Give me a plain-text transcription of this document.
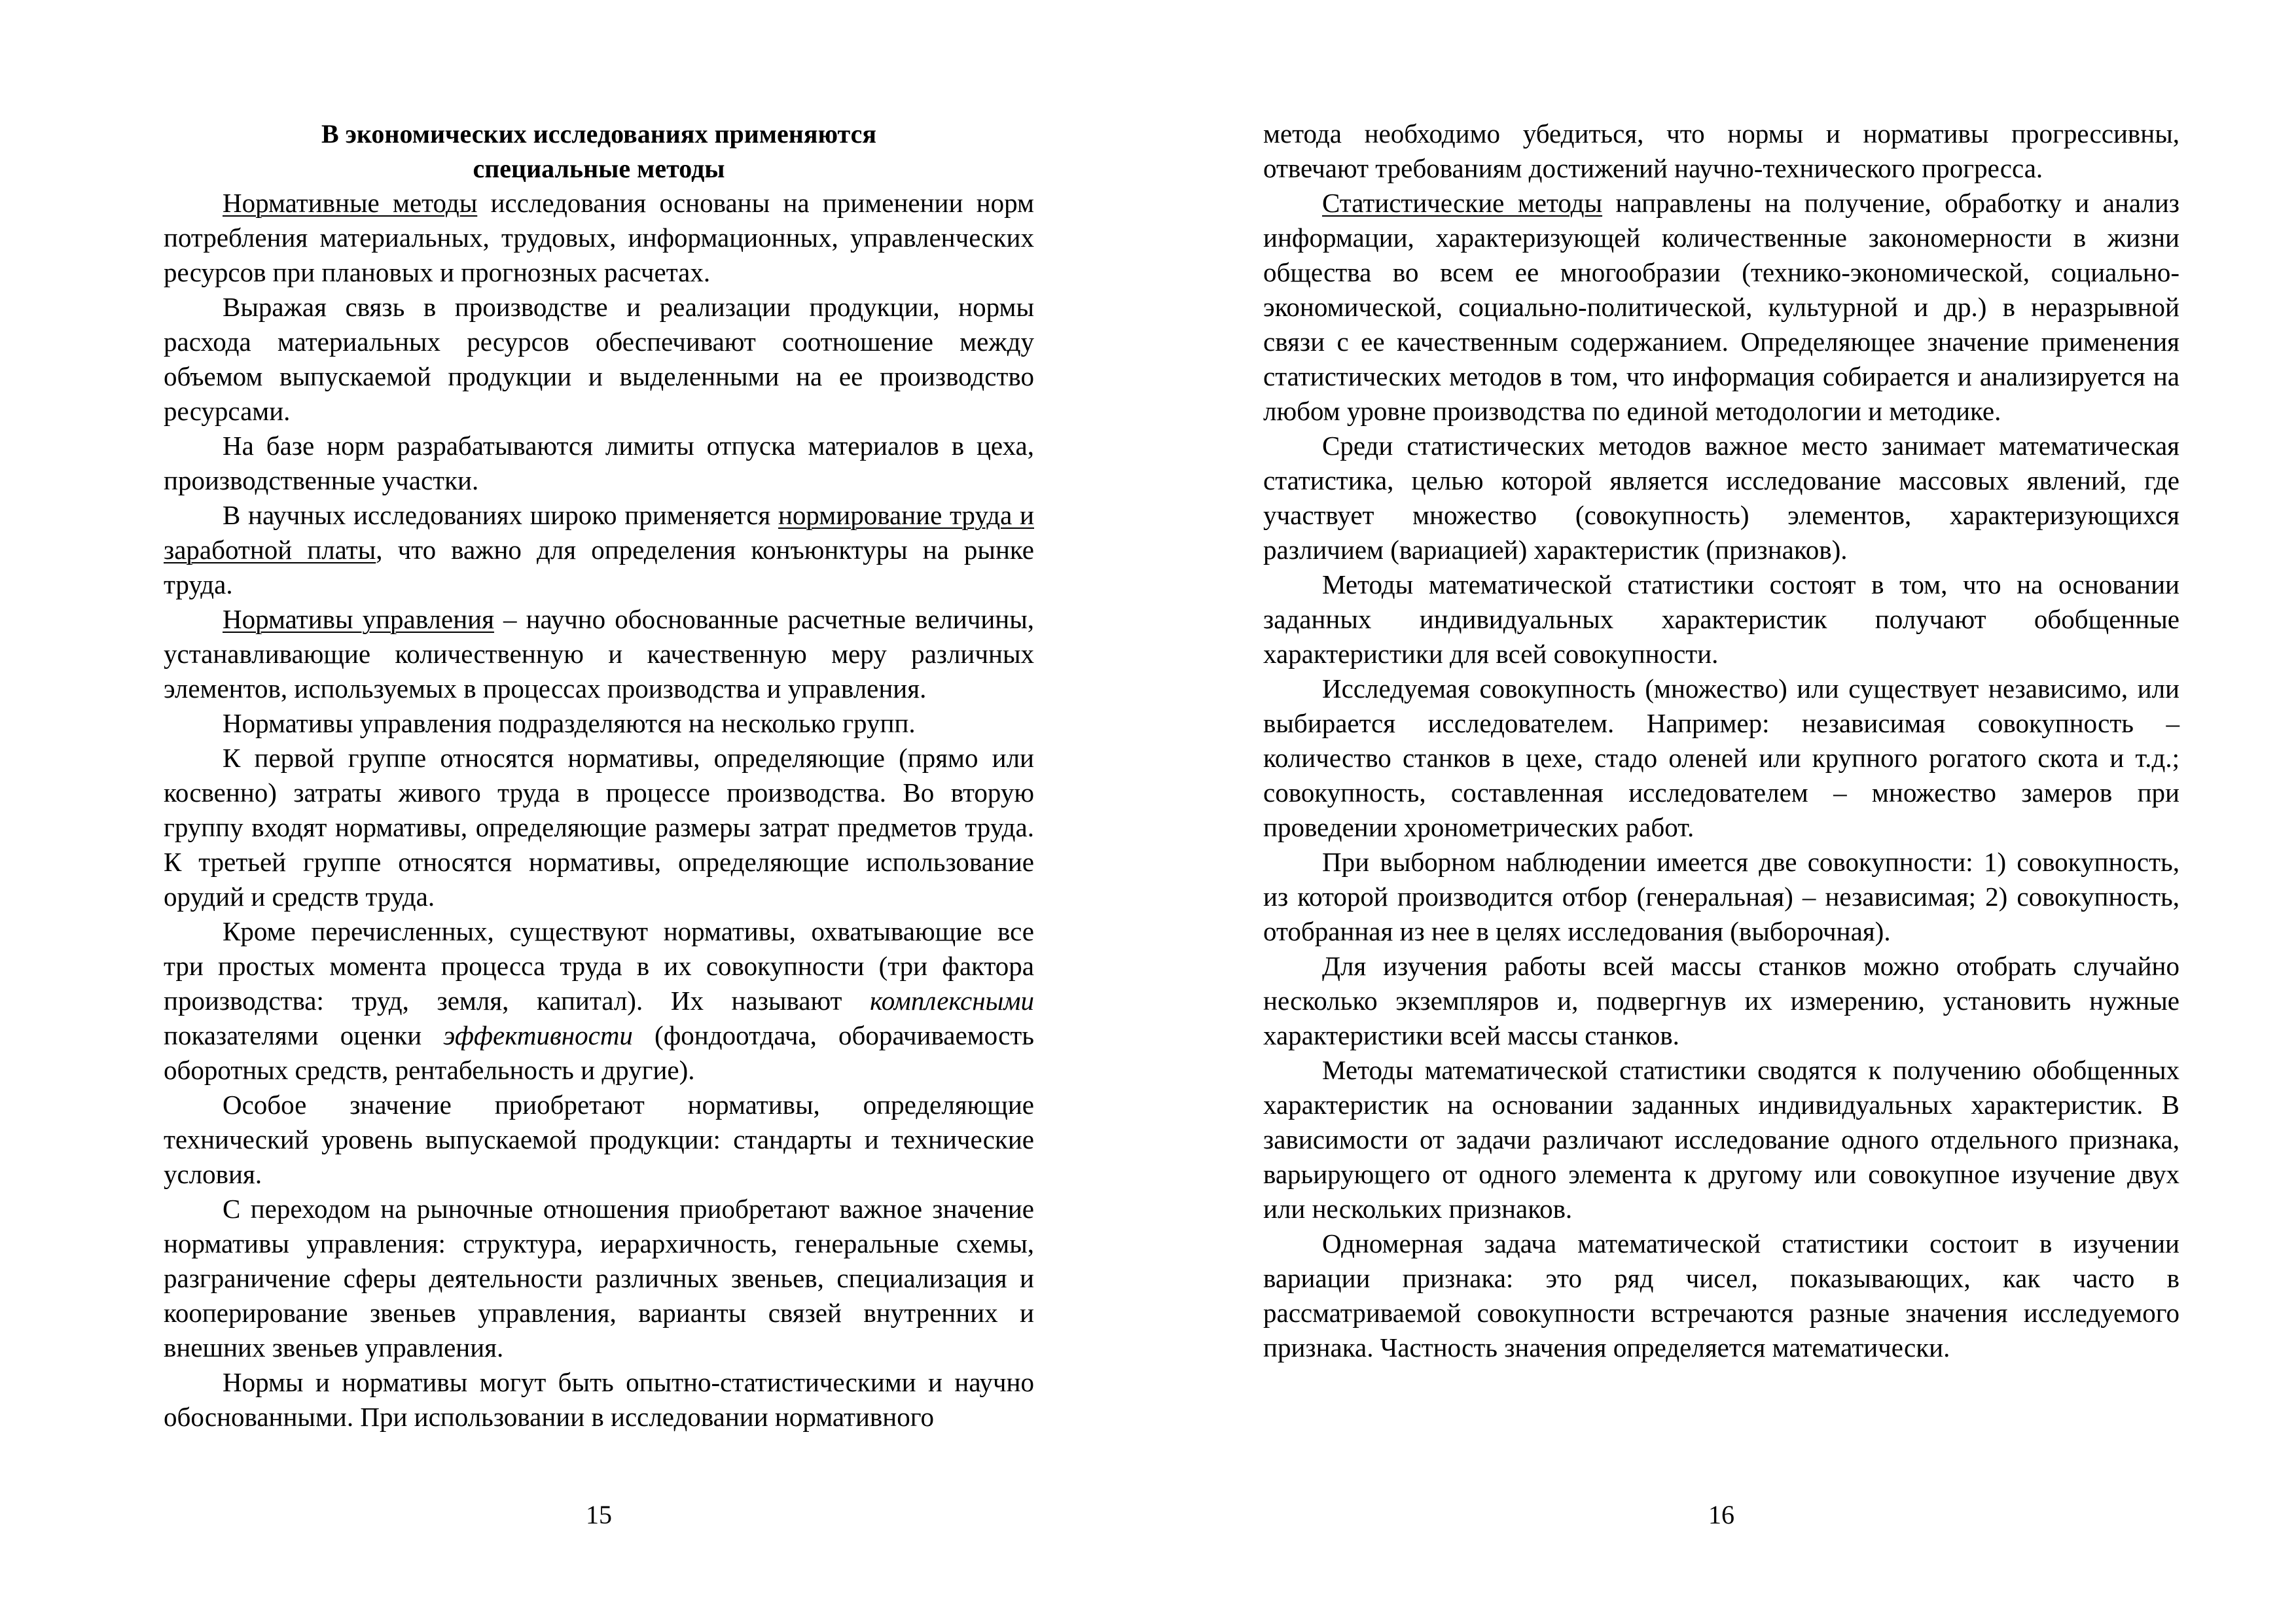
В экономических исследованиях применяются
специальные методы

Нормативные методы исследования основаны на применении норм потребления материальных, трудовых, информационных, управленческих ресурсов при плановых и прогнозных расчетах.

Выражая связь в производстве и реализации продукции, нормы расхода материальных ресурсов обеспечивают соотношение между объемом выпускаемой продукции и выделенными на ее производство ресурсами.

На базе норм разрабатываются лимиты отпуска материалов в цеха, производственные участки.

В научных исследованиях широко применяется нормирование труда и заработной платы, что важно для определения конъюнктуры на рынке труда.

Нормативы управления – научно обоснованные расчетные величины, устанавливающие количественную и качественную меру различных элементов, используемых в процессах производства и управления.

Нормативы управления подразделяются на несколько групп.

К первой группе относятся нормативы, определяющие (прямо или косвенно) затраты живого труда в процессе производства. Во вторую группу входят нормативы, определяющие размеры затрат предметов труда. К третьей группе относятся нормативы, определяющие использование орудий и средств труда.

Кроме перечисленных, существуют нормативы, охватывающие все три простых момента процесса труда в их совокупности (три фактора производства: труд, земля, капитал). Их называют комплексными показателями оценки эффективности (фондоотдача, оборачиваемость оборотных средств, рентабельность и другие).

Особое значение приобретают нормативы, определяющие технический уровень выпускаемой продукции: стандарты и технические условия.

С переходом на рыночные отношения приобретают важное значение нормативы управления: структура, иерархичность, генеральные схемы, разграничение сферы деятельности различных звеньев, специализация и кооперирование звеньев управления, варианты связей внутренних и внешних звеньев управления.

Нормы и нормативы могут быть опытно-статистическими и научно обоснованными. При использовании в исследовании нормативного

15

метода необходимо убедиться, что нормы и нормативы прогрессивны, отвечают требованиям достижений научно-технического прогресса.

Статистические методы направлены на получение, обработку и анализ информации, характеризующей количественные закономерности в жизни общества во всем ее многообразии (технико-экономической, социально-экономической, социально-политической, культурной и др.) в неразрывной связи с ее качественным содержанием. Определяющее значение применения статистических методов в том, что информация собирается и анализируется на любом уровне производства по единой методологии и методике.

Среди статистических методов важное место занимает математическая статистика, целью которой является исследование массовых явлений, где участвует множество (совокупность) элементов, характеризующихся различием (вариацией) характеристик (признаков).

Методы математической статистики состоят в том, что на основании заданных индивидуальных характеристик получают обобщенные характеристики для всей совокупности.

Исследуемая совокупность (множество) или существует независимо, или выбирается исследователем. Например: независимая совокупность – количество станков в цехе, стадо оленей или крупного рогатого скота и т.д.; совокупность, составленная исследователем – множество замеров при проведении хронометрических работ.

При выборном наблюдении имеется две совокупности: 1) совокупность, из которой производится отбор (генеральная) – независимая; 2) совокупность, отобранная из нее в целях исследования (выборочная).

Для изучения работы всей массы станков можно отобрать случайно несколько экземпляров и, подвергнув их измерению, установить нужные характеристики всей массы станков.

Методы математической статистики сводятся к получению обобщенных характеристик на основании заданных индивидуальных характеристик. В зависимости от задачи различают исследование одного отдельного признака, варьирующего от одного элемента к другому или совокупное изучение двух или нескольких признаков.

Одномерная задача математической статистики состоит в изучении вариации признака: это ряд чисел, показывающих, как часто в рассматриваемой совокупности встречаются разные значения исследуемого признака. Частность значения определяется математически.

16
